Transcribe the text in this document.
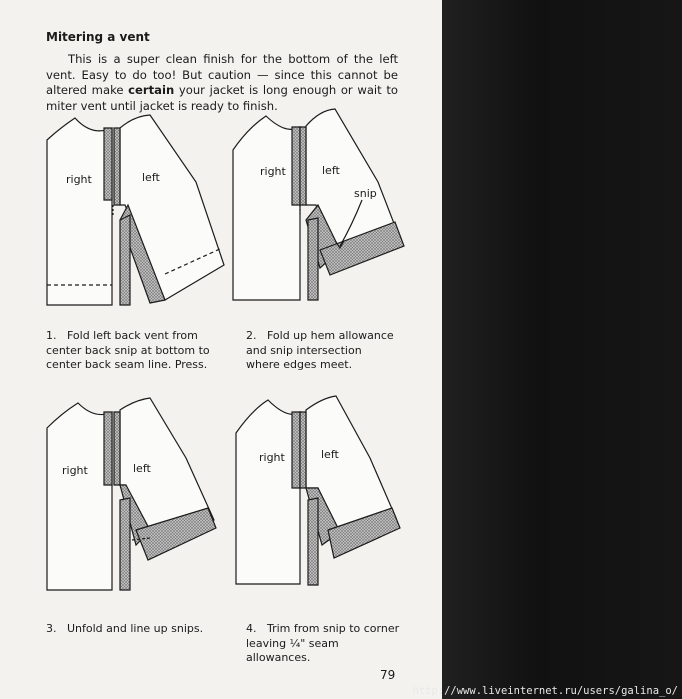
Mitering a vent
This is a super clean finish for the bottom of the left vent. Easy to do too! But caution — since this cannot be altered make certain your jacket is long enough or wait to miter vent until jacket is ready to finish.
right	left	right	left
snip
right	left
right	left
1.   Fold left back vent from center back snip at bottom to center back seam line. Press.
2.   Fold up hem allowance and snip intersection where edges meet.
3.   Unfold and line up snips.	4.   Trim from snip to corner leaving ¼" seam allowances.
79
http://www.liveinternet.ru/users/galina_o/
